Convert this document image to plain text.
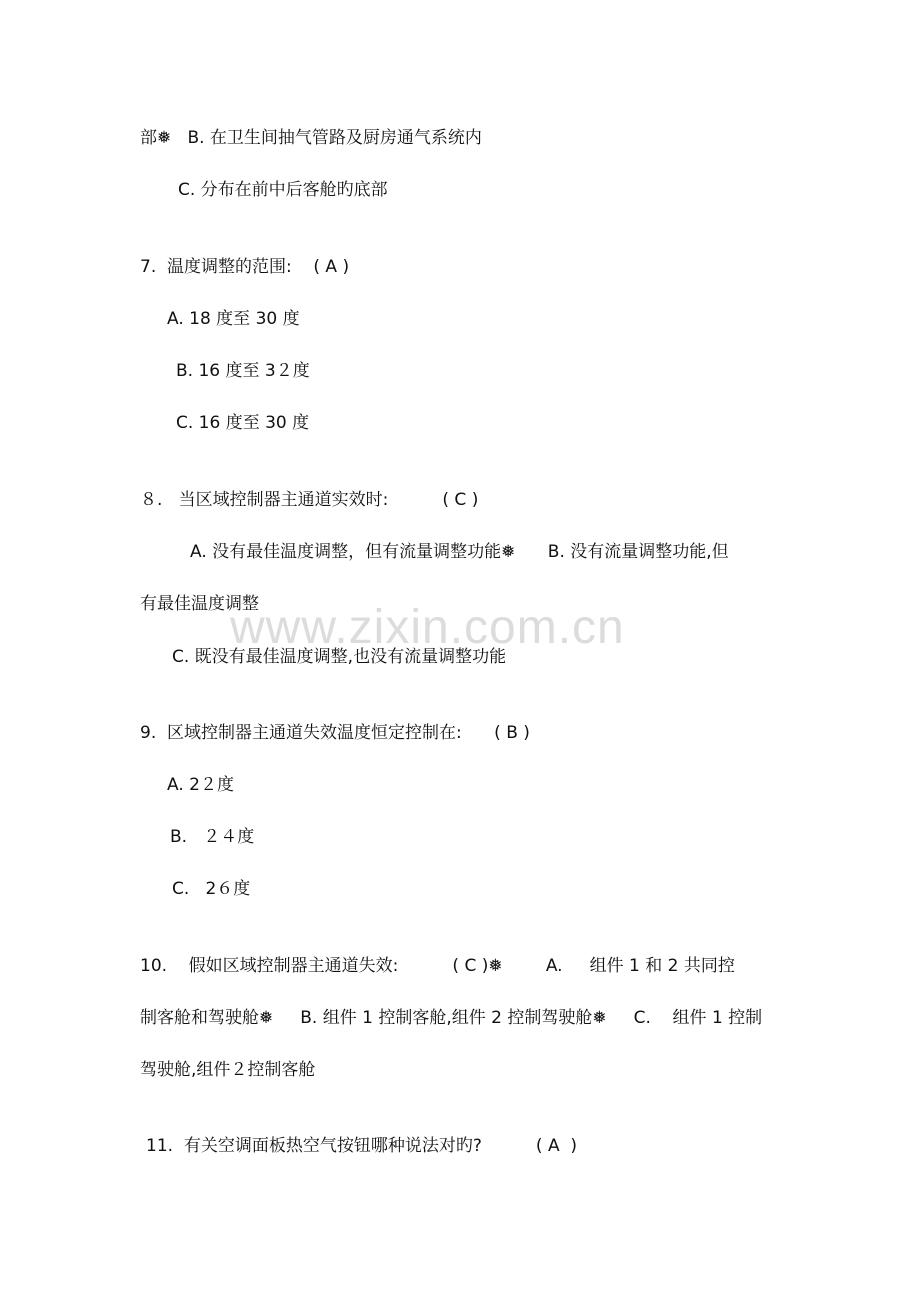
www.zixin.com.cn
部❅   B. 在卫生间抽气管路及厨房通气系统内
C. 分布在前中后客舱旳底部
7.  温度调整的范围:    ( A )
A. 18 度至 30 度
B. 16 度至 3２度
C. 16 度至 30 度
８.   当区域控制器主通道实效时:          ( C )
A. 没有最佳温度调整，但有流量调整功能❅      B. 没有流量调整功能,但
有最佳温度调整
C. 既没有最佳温度调整,也没有流量调整功能
9.  区域控制器主通道失效温度恒定控制在:      ( B )
A. 2２度
B.   ２４度
C.   2６度
10.    假如区域控制器主通道失效:          ( C )❅        A.     组件 1 和 2 共同控
制客舱和驾驶舱❅     B. 组件 1 控制客舱,组件 2 控制驾驶舱❅     C.    组件 1 控制
驾驶舱,组件２控制客舱
11.  有关空调面板热空气按钮哪种说法对旳?          ( A  )
